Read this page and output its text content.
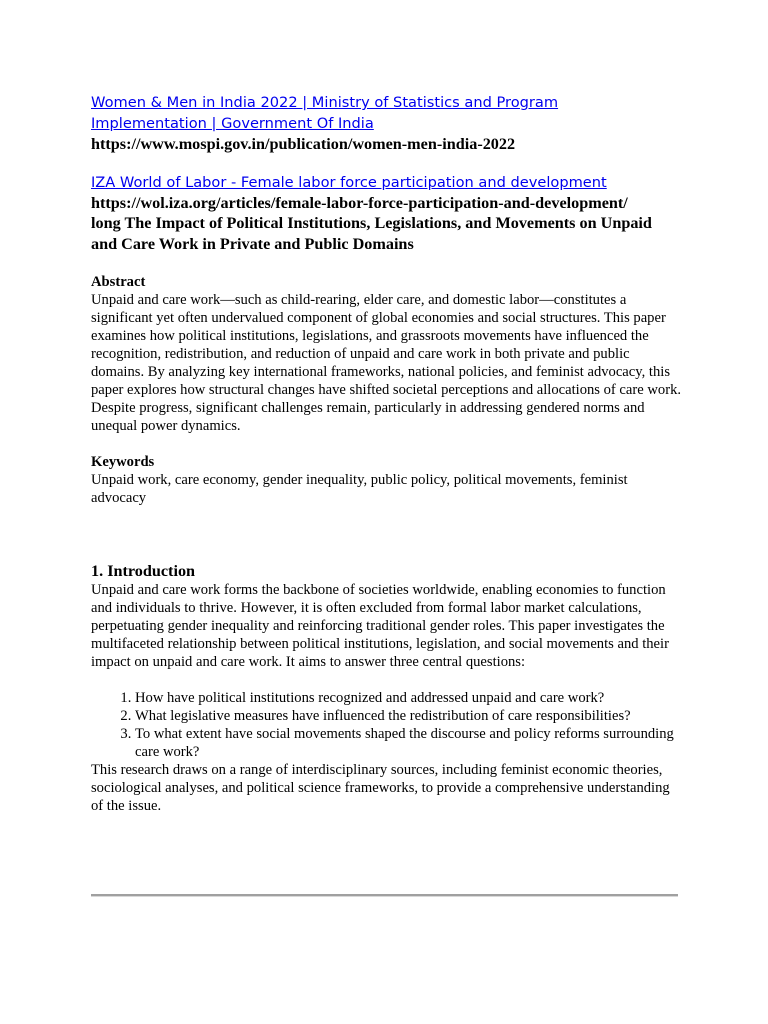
Women & Men in India 2022 | Ministry of Statistics and Program
Implementation | Government Of India
https://www.mospi.gov.in/publication/women-men-india-2022
IZA World of Labor - Female labor force participation and development
https://wol.iza.org/articles/female-labor-force-participation-and-development/
long The Impact of Political Institutions, Legislations, and Movements on Unpaid
and Care Work in Private and Public Domains
Abstract

Unpaid and care work—such as child-rearing, elder care, and domestic labor—constitutes a significant yet often undervalued component of global economies and social structures. This paper examines how political institutions, legislations, and grassroots movements have influenced the recognition, redistribution, and reduction of unpaid and care work in both private and public domains. By analyzing key international frameworks, national policies, and feminist advocacy, this paper explores how structural changes have shifted societal perceptions and allocations of care work. Despite progress, significant challenges remain, particularly in addressing gendered norms and unequal power dynamics.

Keywords

Unpaid work, care economy, gender inequality, public policy, political movements, feminist advocacy

1. Introduction

Unpaid and care work forms the backbone of societies worldwide, enabling economies to function and individuals to thrive. However, it is often excluded from formal labor market calculations, perpetuating gender inequality and reinforcing traditional gender roles. This paper investigates the multifaceted relationship between political institutions, legislation, and social movements and their impact on unpaid and care work. It aims to answer three central questions:

1. How have political institutions recognized and addressed unpaid and care work?
2. What legislative measures have influenced the redistribution of care responsibilities?
3. To what extent have social movements shaped the discourse and policy reforms surrounding care work?

This research draws on a range of interdisciplinary sources, including feminist economic theories, sociological analyses, and political science frameworks, to provide a comprehensive understanding of the issue.
